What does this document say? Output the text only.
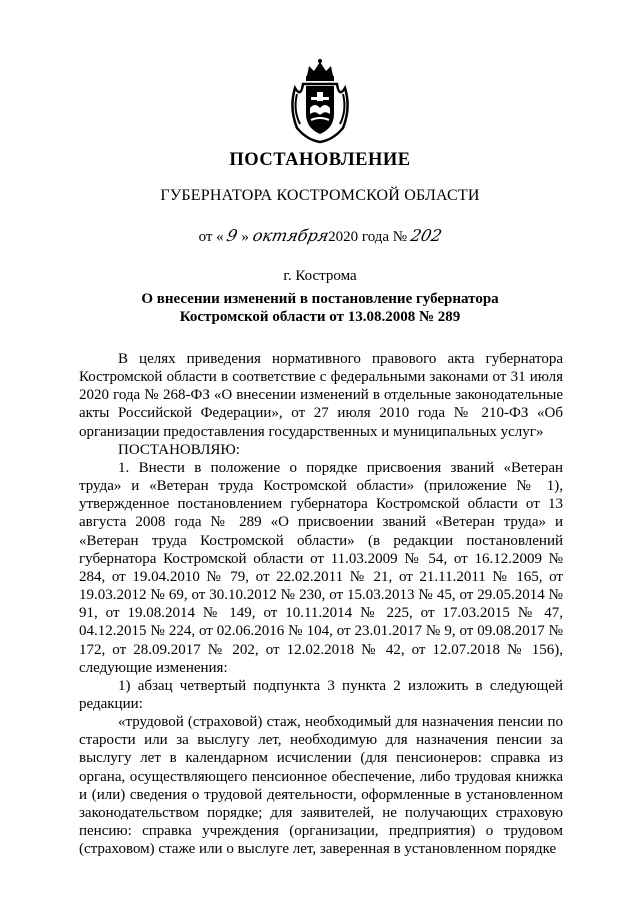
ПОСТАНОВЛЕНИЕ
ГУБЕРНАТОРА КОСТРОМСКОЙ ОБЛАСТИ
от « 9 » октября2020 года № 202
г. Кострома
О внесении изменений в постановление губернатора Костромской области от 13.08.2008 № 289

В целях приведения нормативного правового акта губернатора Костромской области в соответствие с федеральными законами от 31 июля 2020 года № 268-ФЗ «О внесении изменений в отдельные законодательные акты Российской Федерации», от 27 июля 2010 года № 210-ФЗ «Об организации предоставления государственных и муниципальных услуг»

ПОСТАНОВЛЯЮ:

1. Внести в положение о порядке присвоения званий «Ветеран труда» и «Ветеран труда Костромской области» (приложение № 1), утвержденное постановлением губернатора Костромской области от 13 августа 2008 года № 289 «О присвоении званий «Ветеран труда» и «Ветеран труда Костромской области» (в редакции постановлений губернатора Костромской области от 11.03.2009 № 54, от 16.12.2009 № 284, от 19.04.2010 № 79, от 22.02.2011 № 21, от 21.11.2011 № 165, от 19.03.2012 № 69, от 30.10.2012 № 230, от 15.03.2013 № 45, от 29.05.2014 № 91, от 19.08.2014 № 149, от 10.11.2014 № 225, от 17.03.2015 № 47, 04.12.2015 № 224, от 02.06.2016 № 104, от 23.01.2017 № 9, от 09.08.2017 № 172, от 28.09.2017 № 202, от 12.02.2018 № 42, от 12.07.2018 № 156), следующие изменения:

1) абзац четвертый подпункта 3 пункта 2 изложить в следующей редакции:

«трудовой (страховой) стаж, необходимый для назначения пенсии по старости или за выслугу лет, необходимую для назначения пенсии за выслугу лет в календарном исчислении (для пенсионеров: справка из органа, осуществляющего пенсионное обеспечение, либо трудовая книжка и (или) сведения о трудовой деятельности, оформленные в установленном законодательством порядке; для заявителей, не получающих страховую пенсию: справка учреждения (организации, предприятия) о трудовом (страховом) стаже или о выслуге лет, заверенная в установленном порядке
